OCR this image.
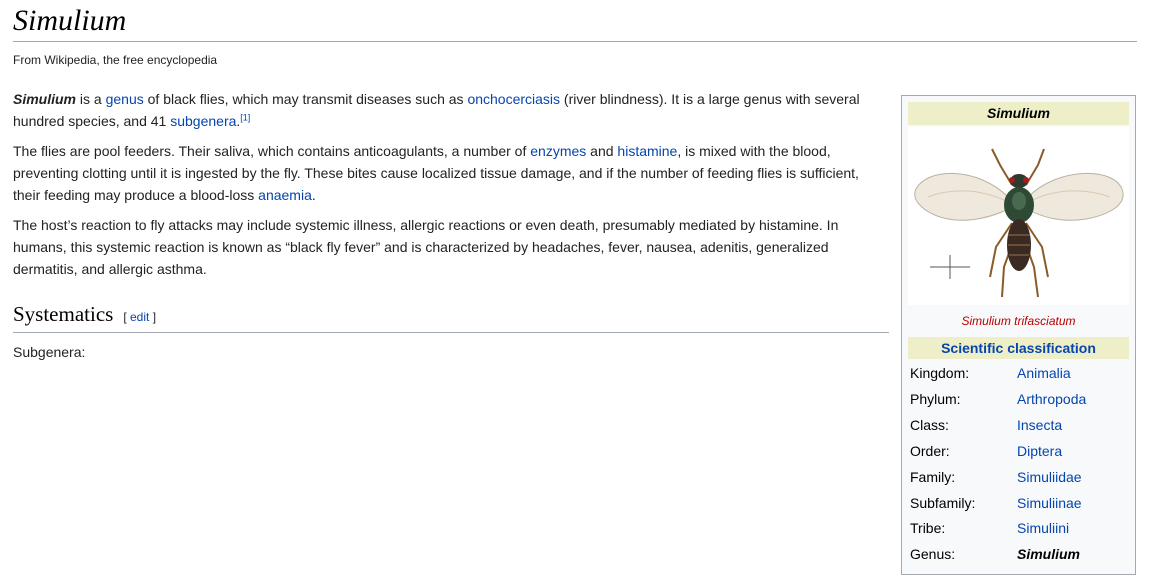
Simulium
From Wikipedia, the free encyclopedia

Simulium is a genus of black flies, which may transmit diseases such as onchocerciasis (river blindness). It is a large genus with several hundred species, and 41 subgenera.[1]

The flies are pool feeders. Their saliva, which contains anticoagulants, a number of enzymes and histamine, is mixed with the blood, preventing clotting until it is ingested by the fly. These bites cause localized tissue damage, and if the number of feeding flies is sufficient, their feeding may produce a blood-loss anaemia.

The host’s reaction to fly attacks may include systemic illness, allergic reactions or even death, presumably mediated by histamine. In humans, this systemic reaction is known as “black fly fever” and is characterized by headaches, fever, nausea, adenitis, generalized dermatitis, and allergic asthma.

Systematics [ edit ]
Subgenera:
Simulium
Simulium trifasciatum
Scientific classification
Kingdom:	Animalia
Phylum:	Arthropoda
Class:	Insecta
Order:	Diptera
Family:	Simuliidae
Subfamily:	Simuliinae
Tribe:	Simuliini
Genus:	Simulium
